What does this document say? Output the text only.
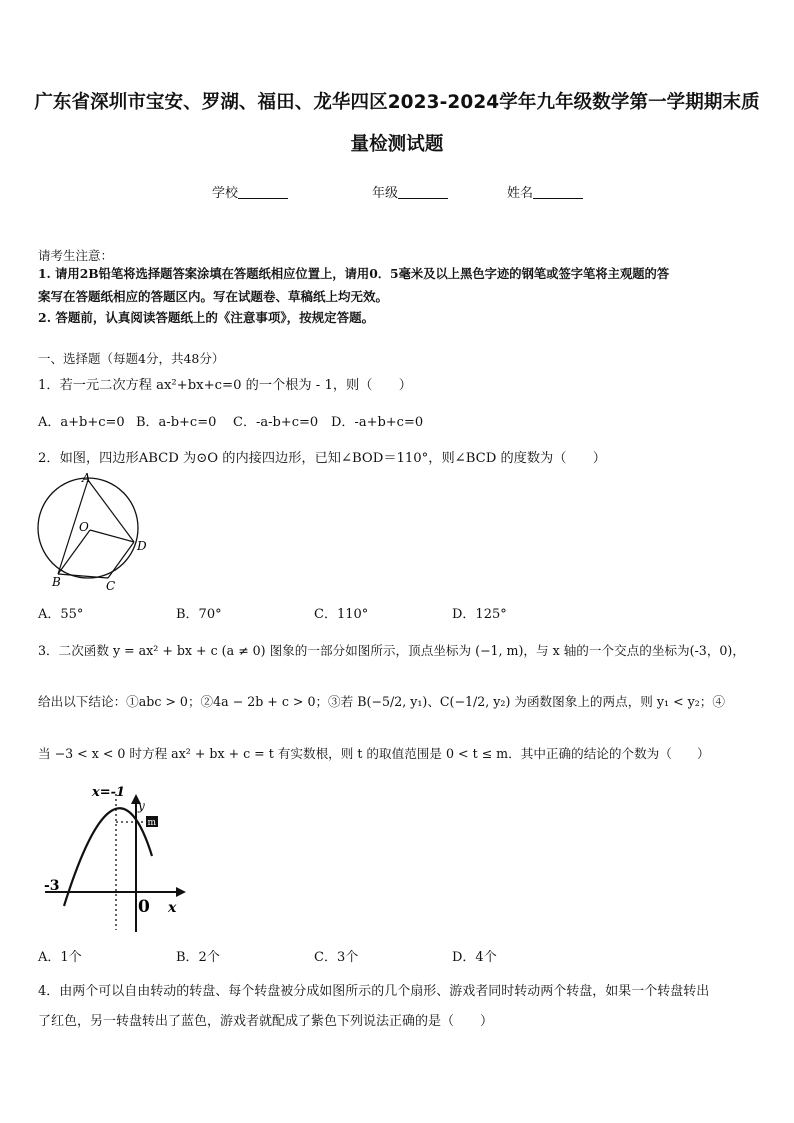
广东省深圳市宝安、罗湖、福田、龙华四区2023-2024学年九年级数学第一学期期末质
量检测试题
学校	年级	姓名
请考生注意：
1. 请用2B铅笔将选择题答案涂填在答题纸相应位置上，请用0．5毫米及以上黑色字迹的钢笔或签字笔将主观题的答
案写在答题纸相应的答题区内。写在试题卷、草稿纸上均无效。
2. 答题前，认真阅读答题纸上的《注意事项》，按规定答题。
一、选择题（每题4分，共48分）
1．若一元二次方程 ax²+bx+c=0 的一个根为 - 1，则（　　）
A．a+b+c=0 B．a-b+c=0 C．-a-b+c=0 D．-a+b+c=0
2．如图，四边形ABCD 为⊙O 的内接四边形，已知∠BOD＝110°，则∠BCD 的度数为（　　）
A
O
D
B	C
A．55°	B．70°	C．110°	D．125°
3．二次函数 y = ax² + bx + c (a ≠ 0) 图象的一部分如图所示，顶点坐标为 (−1, m)，与 x 轴的一个交点的坐标为(-3，0)，
给出以下结论：①abc > 0；②4a − 2b + c > 0；③若 B(−5/2, y₁)、C(−1/2, y₂) 为函数图象上的两点，则 y₁ < y₂；④
当 −3 < x < 0 时方程 ax² + bx + c = t 有实数根，则 t 的取值范围是 0 < t ≤ m．其中正确的结论的个数为（　　）
x=-1
y
m
-3
0 x
A．1个	B．2个	C．3个	D．4个
4．由两个可以自由转动的转盘、每个转盘被分成如图所示的几个扇形、游戏者同时转动两个转盘，如果一个转盘转出
了红色，另一转盘转出了蓝色，游戏者就配成了紫色下列说法正确的是（　　）
